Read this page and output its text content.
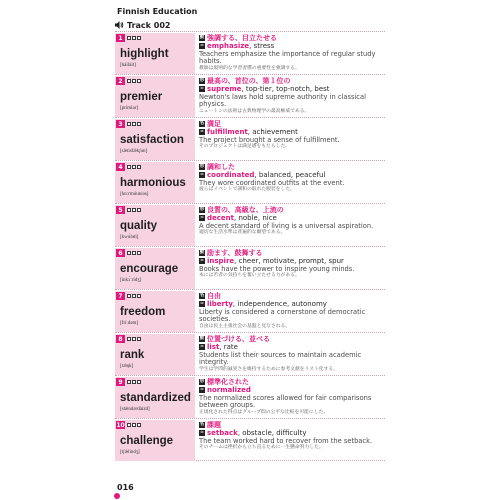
Finnish Education
Track 002
1
highlight
[háilàit]
動 強調する、目立たせる
= emphasize, stress
Teachers emphasize the importance of regular study habits.
教師は規則的な学習習慣の重要性を強調する。
2
premier
[prímiər]
形 最高の、首位の、第１位の
= supreme, top-tier, top-notch, best
Newton's laws hold supreme authority in classical physics.
ニュートンの法則は古典物理学の最高権威である。
3
satisfaction
[sæ̀tisfǽkʃən]
名 満足
= fulfillment, achievement
The project brought a sense of fulfillment.
そのプロジェクトは満足感をもたらした。
4
harmonious
[hɑːrmóuniəs]
形 調和した
= coordinated, balanced, peaceful
They wore coordinated outfits at the event.
彼らはイベントで調和の取れた服装をした。
5
quality
[kwɑ́ləti]
形 良質の、高級な、上流の
= decent, noble, nice
A decent standard of living is a universal aspiration.
適切な生活水準は普遍的な願望である。
6
encourage
[inkɔ́ːridʒ]
動 励ます、鼓舞する
= inspire, cheer, motivate, prompt, spur
Books have the power to inspire young minds.
本には若者の気持ちを奮い立たせる力がある。
7
freedom
[fríːdəm]
名 自由
= liberty, independence, autonomy
Liberty is considered a cornerstone of democratic societies.
自由は民主主義社会の基盤と見なされる。
8
rank
[rǽŋk]
動 位置づける、並べる
= list, rate
Students list their sources to maintain academic integrity.
学生は学問的誠実さを維持するために参考文献をリスト化する。
9
standardized
[stǽndərdàizd]
形 標準化された
= normalized
The normalized scores allowed for fair comparisons between groups.
正規化された得点はグループ間の公平な比較を可能にした。
10
challenge
[tʃǽlindʒ]
名 課題
= setback, obstacle, difficulty
The team worked hard to recover from the setback.
そのチームは挫折から立ち直るために一生懸命努力した。
016
